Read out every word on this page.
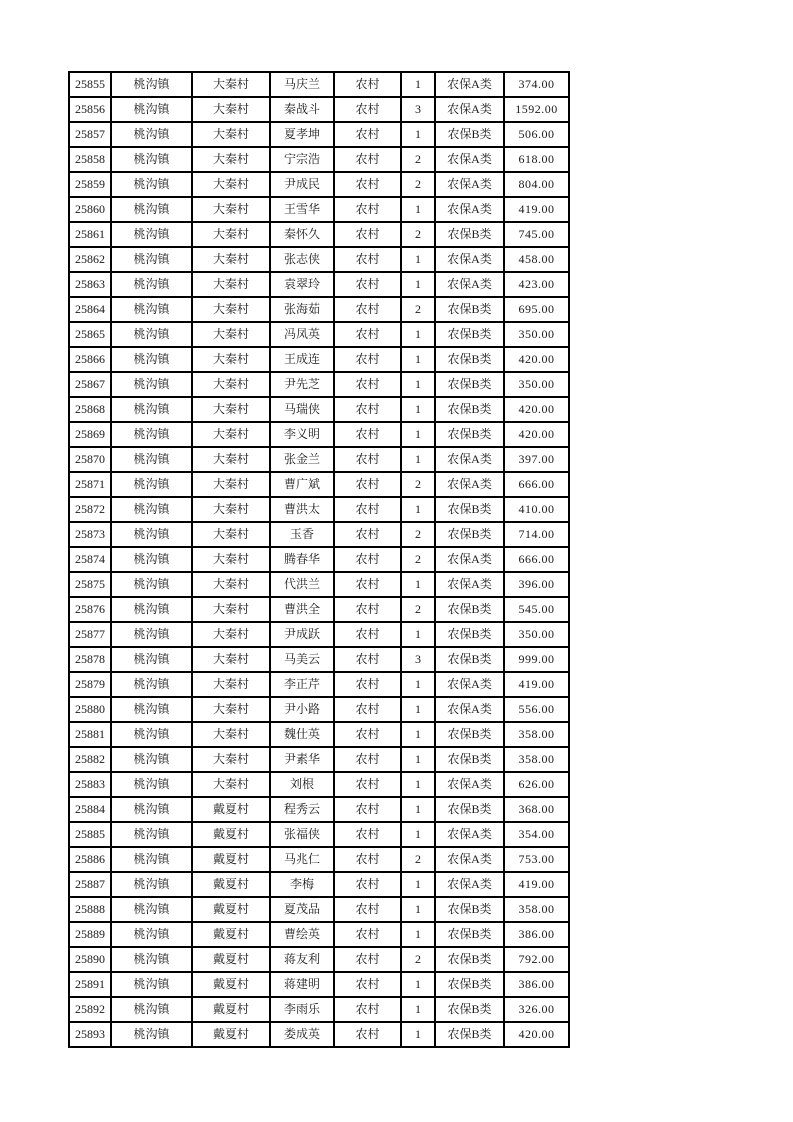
25855	桃沟镇	大秦村	马庆兰	农村	1	农保A类	374.00
25856	桃沟镇	大秦村	秦战斗	农村	3	农保A类	1592.00
25857	桃沟镇	大秦村	夏孝坤	农村	1	农保B类	506.00
25858	桃沟镇	大秦村	宁宗浩	农村	2	农保A类	618.00
25859	桃沟镇	大秦村	尹成民	农村	2	农保A类	804.00
25860	桃沟镇	大秦村	王雪华	农村	1	农保A类	419.00
25861	桃沟镇	大秦村	秦怀久	农村	2	农保B类	745.00
25862	桃沟镇	大秦村	张志侠	农村	1	农保A类	458.00
25863	桃沟镇	大秦村	袁翠玲	农村	1	农保A类	423.00
25864	桃沟镇	大秦村	张海茹	农村	2	农保B类	695.00
25865	桃沟镇	大秦村	冯凤英	农村	1	农保B类	350.00
25866	桃沟镇	大秦村	王成连	农村	1	农保B类	420.00
25867	桃沟镇	大秦村	尹先芝	农村	1	农保B类	350.00
25868	桃沟镇	大秦村	马瑞侠	农村	1	农保B类	420.00
25869	桃沟镇	大秦村	李义明	农村	1	农保B类	420.00
25870	桃沟镇	大秦村	张金兰	农村	1	农保A类	397.00
25871	桃沟镇	大秦村	曹广斌	农村	2	农保A类	666.00
25872	桃沟镇	大秦村	曹洪太	农村	1	农保B类	410.00
25873	桃沟镇	大秦村	玉香	农村	2	农保B类	714.00
25874	桃沟镇	大秦村	腾春华	农村	2	农保A类	666.00
25875	桃沟镇	大秦村	代洪兰	农村	1	农保A类	396.00
25876	桃沟镇	大秦村	曹洪全	农村	2	农保B类	545.00
25877	桃沟镇	大秦村	尹成跃	农村	1	农保B类	350.00
25878	桃沟镇	大秦村	马美云	农村	3	农保B类	999.00
25879	桃沟镇	大秦村	李正芹	农村	1	农保A类	419.00
25880	桃沟镇	大秦村	尹小路	农村	1	农保A类	556.00
25881	桃沟镇	大秦村	魏仕英	农村	1	农保B类	358.00
25882	桃沟镇	大秦村	尹素华	农村	1	农保B类	358.00
25883	桃沟镇	大秦村	刘根	农村	1	农保A类	626.00
25884	桃沟镇	戴夏村	程秀云	农村	1	农保B类	368.00
25885	桃沟镇	戴夏村	张福侠	农村	1	农保A类	354.00
25886	桃沟镇	戴夏村	马兆仁	农村	2	农保A类	753.00
25887	桃沟镇	戴夏村	李梅	农村	1	农保A类	419.00
25888	桃沟镇	戴夏村	夏茂品	农村	1	农保B类	358.00
25889	桃沟镇	戴夏村	曹绘英	农村	1	农保B类	386.00
25890	桃沟镇	戴夏村	蒋友利	农村	2	农保B类	792.00
25891	桃沟镇	戴夏村	蒋建明	农村	1	农保B类	386.00
25892	桃沟镇	戴夏村	李雨乐	农村	1	农保B类	326.00
25893	桃沟镇	戴夏村	娄成英	农村	1	农保B类	420.00
